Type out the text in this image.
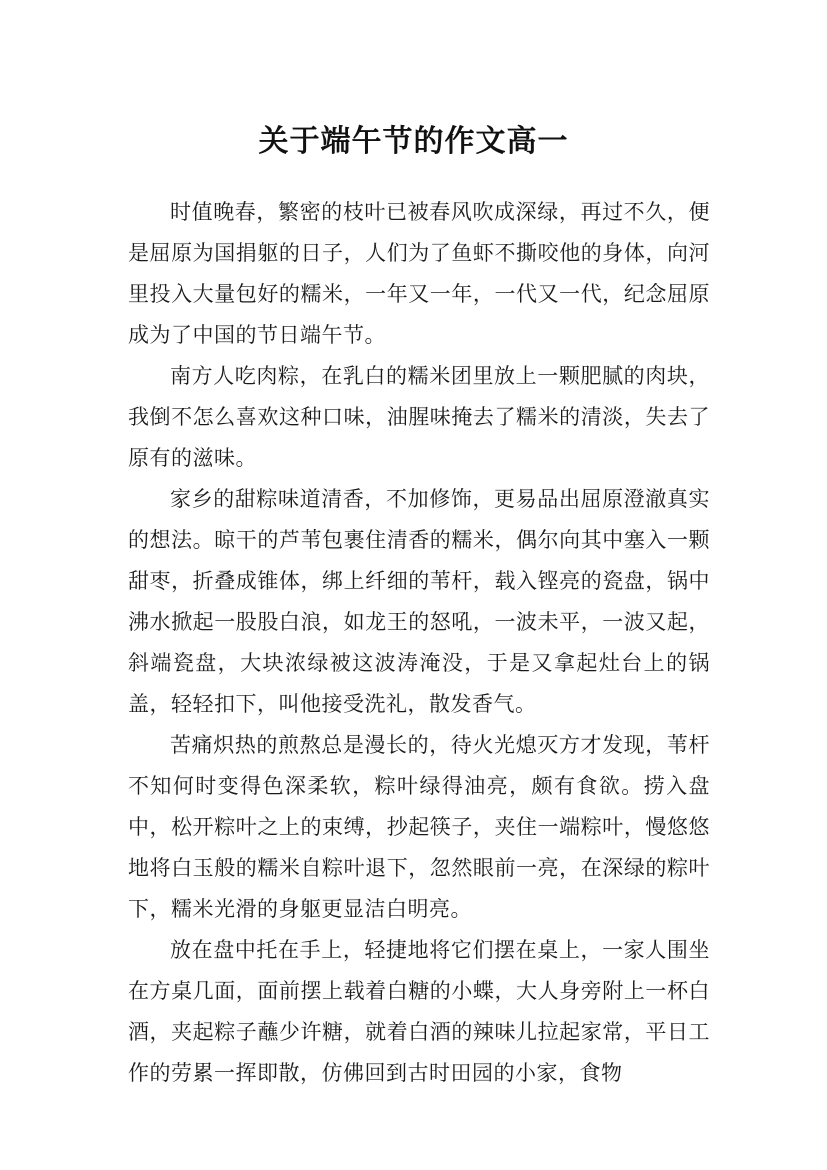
关于端午节的作文高一

时值晚春，繁密的枝叶已被春风吹成深绿，再过不久，便是屈原为国捐躯的日子，人们为了鱼虾不撕咬他的身体，向河里投入大量包好的糯米，一年又一年，一代又一代，纪念屈原成为了中国的节日端午节。

南方人吃肉粽，在乳白的糯米团里放上一颗肥腻的肉块，我倒不怎么喜欢这种口味，油腥味掩去了糯米的清淡，失去了原有的滋味。

家乡的甜粽味道清香，不加修饰，更易品出屈原澄澈真实的想法。晾干的芦苇包裹住清香的糯米，偶尔向其中塞入一颗甜枣，折叠成锥体，绑上纤细的苇杆，载入铿亮的瓷盘，锅中沸水掀起一股股白浪，如龙王的怒吼，一波未平，一波又起，斜端瓷盘，大块浓绿被这波涛淹没，于是又拿起灶台上的锅盖，轻轻扣下，叫他接受洗礼，散发香气。

苦痛炽热的煎熬总是漫长的，待火光熄灭方才发现，苇杆不知何时变得色深柔软，粽叶绿得油亮，颇有食欲。捞入盘中，松开粽叶之上的束缚，抄起筷子，夹住一端粽叶，慢悠悠地将白玉般的糯米自粽叶退下，忽然眼前一亮，在深绿的粽叶下，糯米光滑的身躯更显洁白明亮。

放在盘中托在手上，轻捷地将它们摆在桌上，一家人围坐在方桌几面，面前摆上载着白糖的小蝶，大人身旁附上一杯白酒，夹起粽子蘸少许糖，就着白酒的辣味儿拉起家常，平日工作的劳累一挥即散，仿佛回到古时田园的小家，食物
